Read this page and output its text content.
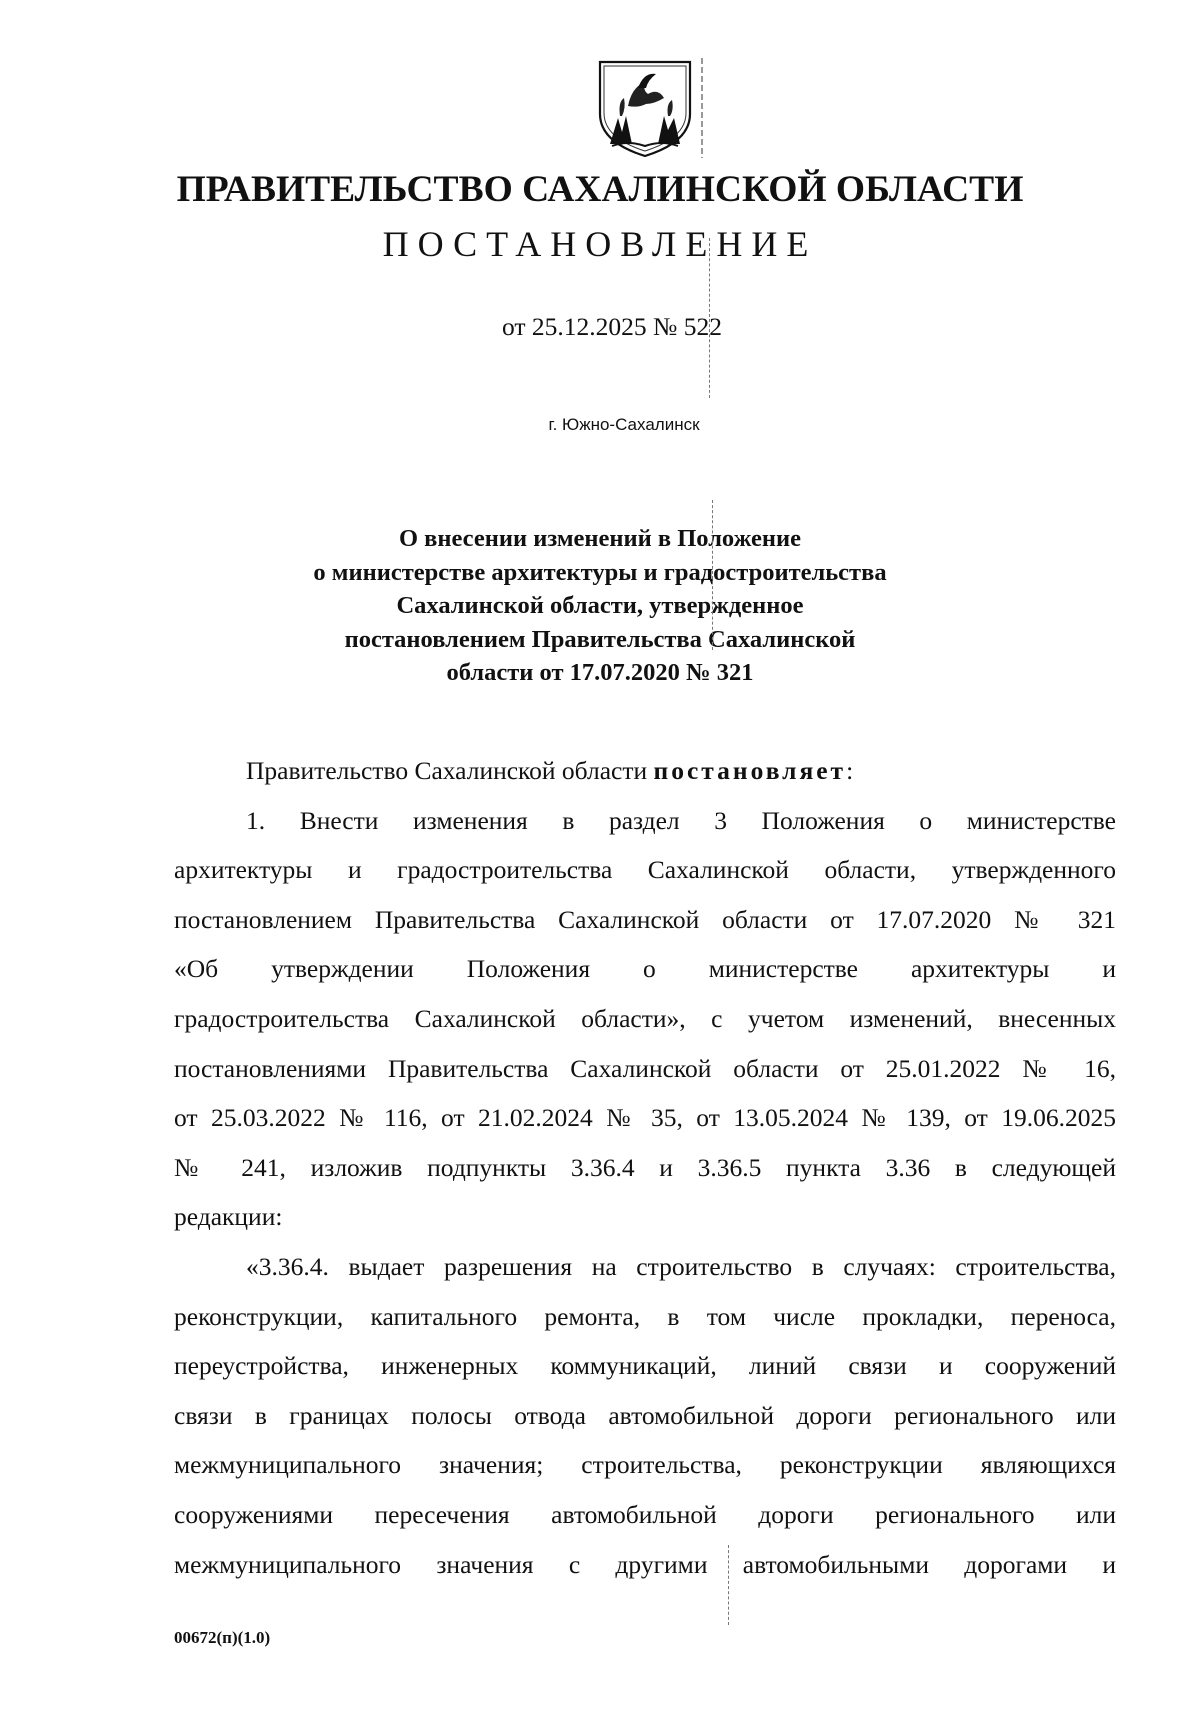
ПРАВИТЕЛЬСТВО САХАЛИНСКОЙ ОБЛАСТИ
ПОСТАНОВЛЕНИЕ
от 25.12.2025 № 522
г. Южно-Сахалинск
О внесении изменений в Положение
о министерстве архитектуры и градостроительства
Сахалинской области, утвержденное
постановлением Правительства Сахалинской
области от 17.07.2020 № 321
Правительство Сахалинской области постановляет:
1. Внести изменения в раздел 3 Положения о министерстве
архитектуры и градостроительства Сахалинской области, утвержденного
постановлением Правительства Сахалинской области от 17.07.2020 № 321
«Об утверждении Положения о министерстве архитектуры и
градостроительства Сахалинской области», с учетом изменений, внесенных
постановлениями Правительства Сахалинской области от 25.01.2022 № 16,
от 25.03.2022 № 116, от 21.02.2024 № 35, от 13.05.2024 № 139, от 19.06.2025
№ 241, изложив подпункты 3.36.4 и 3.36.5 пункта 3.36 в следующей
редакции:
«3.36.4. выдает разрешения на строительство в случаях: строительства,
реконструкции, капитального ремонта, в том числе прокладки, переноса,
переустройства, инженерных коммуникаций, линий связи и сооружений
связи в границах полосы отвода автомобильной дороги регионального или
межмуниципального значения; строительства, реконструкции являющихся
сооружениями пересечения автомобильной дороги регионального или
межмуниципального значения с другими автомобильными дорогами и
00672(п)(1.0)
